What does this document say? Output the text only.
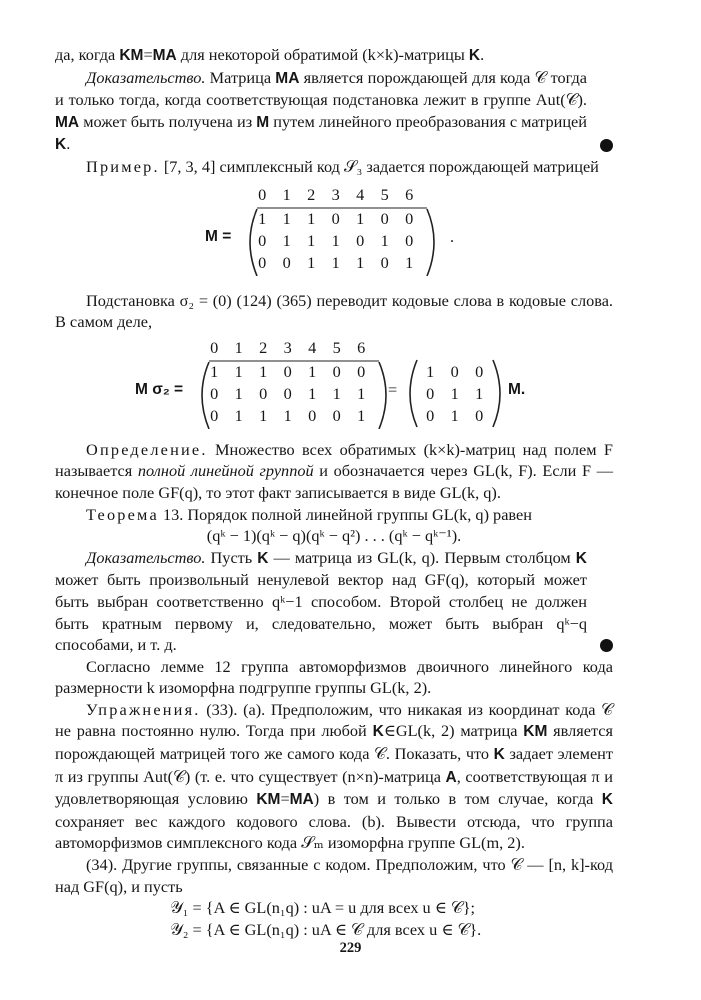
да, когда KM=MA для некоторой обратимой (k×k)-матрицы K.

Доказательство. Матрица MA является порождающей для кода 𝒞 тогда и только тогда, когда соответствующая подстановка лежит в группе Aut(𝒞). MA может быть получена из M путем линейного преобразования с матрицей K.

Пример. [7, 3, 4] симплексный код 𝒮₃ задается порождающей матрицей

M =
0	1	2	3	4	5	6
1 1 1 0 1 0 0
0 1 1 1 0 1 0
0 0 1 1 1 0 1
.

Подстановка σ₂ = (0) (124) (365) переводит кодовые слова в кодовые слова. В самом деле,

M σ₂ =
0	1	2	3	4	5	6
1 1 1 0 1 0 0
0 1 0 0 1 1 1
0 1 1 1 0 0 1
=
1 0 0
0 1 1
0 1 0
M.

Определение. Множество всех обратимых (k×k)-матриц над полем F называется полной линейной группой и обозначается через GL(k, F). Если F — конечное поле GF(q), то этот факт записывается в виде GL(k, q).

Теорема 13. Порядок полной линейной группы GL(k, q) равен

(qᵏ − 1)(qᵏ − q)(qᵏ − q²) . . . (qᵏ − qᵏ⁻¹).

Доказательство. Пусть K — матрица из GL(k, q). Первым столбцом K может быть произвольный ненулевой вектор над GF(q), который может быть выбран соответственно qᵏ−1 способом. Второй столбец не должен быть кратным первому и, следовательно, может быть выбран qᵏ−q способами, и т. д.

Согласно лемме 12 группа автоморфизмов двоичного линейного кода размерности k изоморфна подгруппе группы GL(k, 2).

Упражнения. (33). (a). Предположим, что никакая из координат кода 𝒞 не равна постоянно нулю. Тогда при любой K∈GL(k, 2) матрица KM является порождающей матрицей того же самого кода 𝒞. Показать, что K задает элемент π из группы Aut(𝒞) (т. е. что существует (n×n)-матрица A, соответствующая π и удовлетворяющая условию KM=MA) в том и только в том случае, когда K сохраняет вес каждого кодового слова. (b). Вывести отсюда, что группа автоморфизмов симплексного кода 𝒮ₘ изоморфна группе GL(m, 2).

(34). Другие группы, связанные с кодом. Предположим, что 𝒞 — [n, k]-код над GF(q), и пусть

𝒴₁ = {A ∈ GL(n₁q) : uA = u для всех u ∈ 𝒞};

𝒴₂ = {A ∈ GL(n₁q) : uA ∈ 𝒞 для всех u ∈ 𝒞}.

229
